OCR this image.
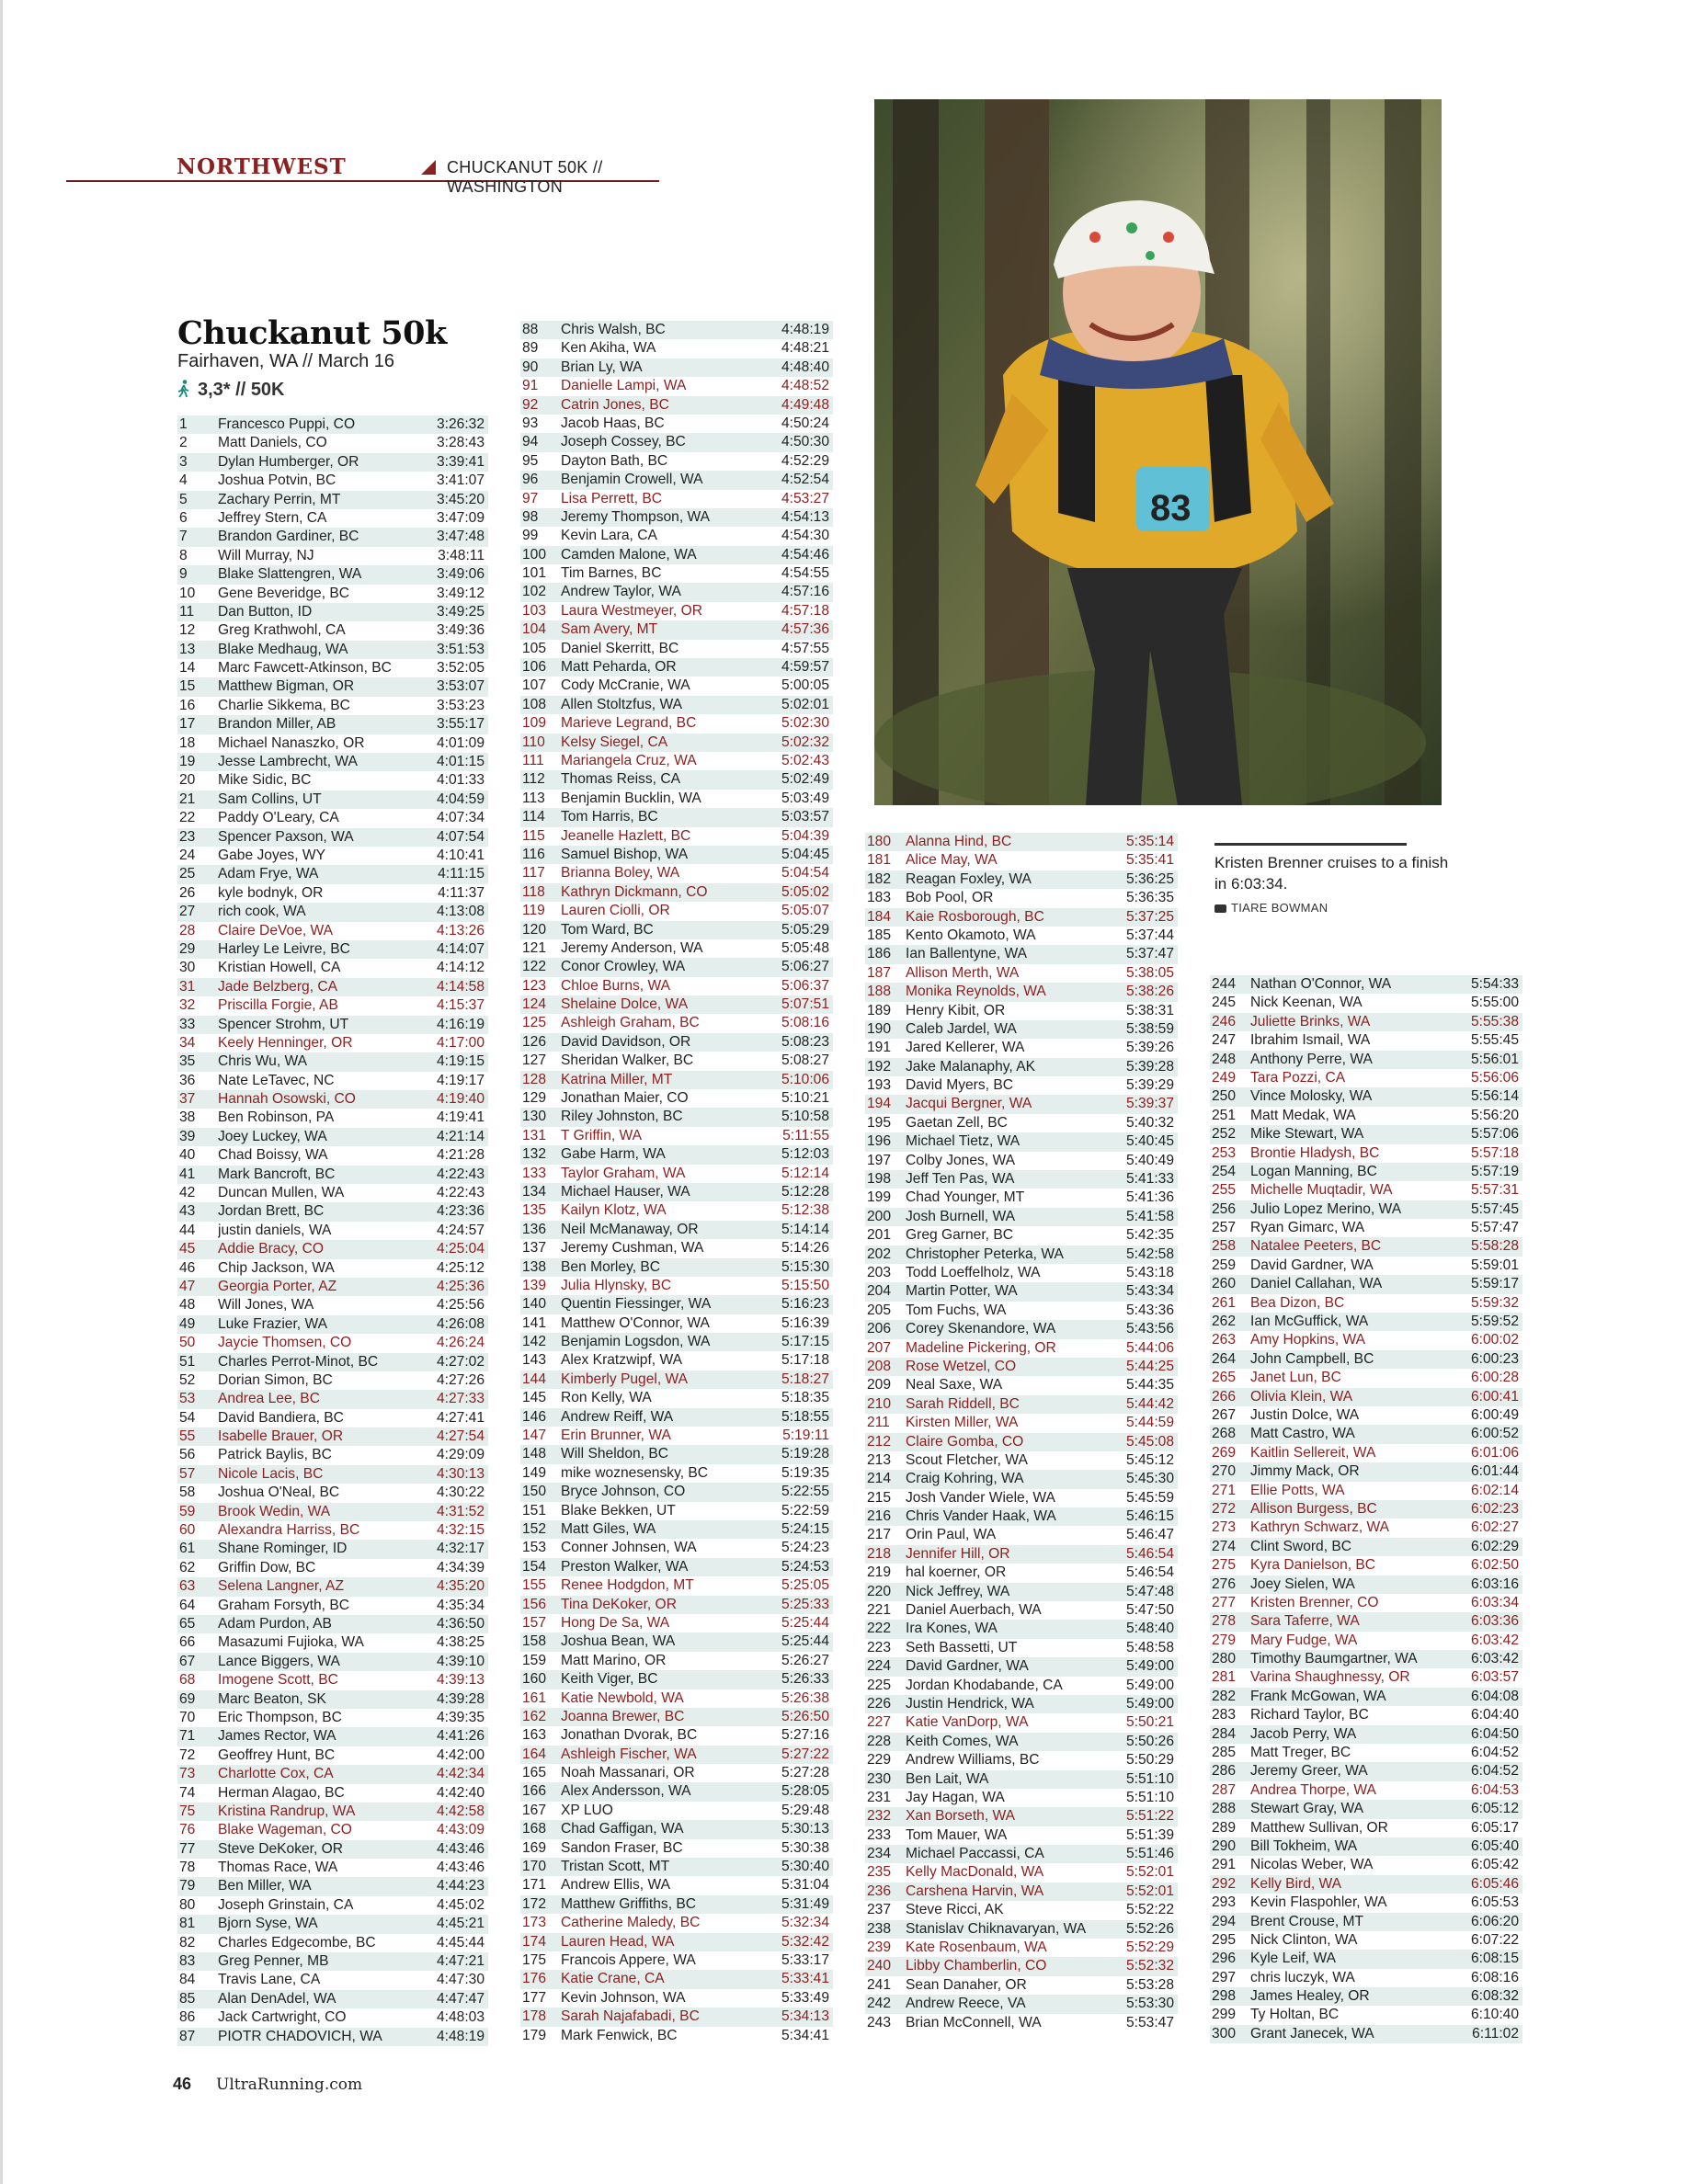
NORTHWEST	CHUCKANUT 50K // WASHINGTON
83
Kristen Brenner cruises to a finish in 6:03:34.
TIARE BOWMAN
Chuckanut 50k
Fairhaven, WA // March 16
3,3* // 50K
1	Francesco Puppi, CO	3:26:32
2	Matt Daniels, CO	3:28:43
3	Dylan Humberger, OR	3:39:41
4	Joshua Potvin, BC	3:41:07
5	Zachary Perrin, MT	3:45:20
6	Jeffrey Stern, CA	3:47:09
7	Brandon Gardiner, BC	3:47:48
8	Will Murray, NJ	3:48:11
9	Blake Slattengren, WA	3:49:06
10	Gene Beveridge, BC	3:49:12
11	Dan Button, ID	3:49:25
12	Greg Krathwohl, CA	3:49:36
13	Blake Medhaug, WA	3:51:53
14	Marc Fawcett-Atkinson, BC	3:52:05
15	Matthew Bigman, OR	3:53:07
16	Charlie Sikkema, BC	3:53:23
17	Brandon Miller, AB	3:55:17
18	Michael Nanaszko, OR	4:01:09
19	Jesse Lambrecht, WA	4:01:15
20	Mike Sidic, BC	4:01:33
21	Sam Collins, UT	4:04:59
22	Paddy O'Leary, CA	4:07:34
23	Spencer Paxson, WA	4:07:54
24	Gabe Joyes, WY	4:10:41
25	Adam Frye, WA	4:11:15
26	kyle bodnyk, OR	4:11:37
27	rich cook, WA	4:13:08
28	Claire DeVoe, WA	4:13:26
29	Harley Le Leivre, BC	4:14:07
30	Kristian Howell, CA	4:14:12
31	Jade Belzberg, CA	4:14:58
32	Priscilla Forgie, AB	4:15:37
33	Spencer Strohm, UT	4:16:19
34	Keely Henninger, OR	4:17:00
35	Chris Wu, WA	4:19:15
36	Nate LeTavec, NC	4:19:17
37	Hannah Osowski, CO	4:19:40
38	Ben Robinson, PA	4:19:41
39	Joey Luckey, WA	4:21:14
40	Chad Boissy, WA	4:21:28
41	Mark Bancroft, BC	4:22:43
42	Duncan Mullen, WA	4:22:43
43	Jordan Brett, BC	4:23:36
44	justin daniels, WA	4:24:57
45	Addie Bracy, CO	4:25:04
46	Chip Jackson, WA	4:25:12
47	Georgia Porter, AZ	4:25:36
48	Will Jones, WA	4:25:56
49	Luke Frazier, WA	4:26:08
50	Jaycie Thomsen, CO	4:26:24
51	Charles Perrot-Minot, BC	4:27:02
52	Dorian Simon, BC	4:27:26
53	Andrea Lee, BC	4:27:33
54	David Bandiera, BC	4:27:41
55	Isabelle Brauer, OR	4:27:54
56	Patrick Baylis, BC	4:29:09
57	Nicole Lacis, BC	4:30:13
58	Joshua O'Neal, BC	4:30:22
59	Brook Wedin, WA	4:31:52
60	Alexandra Harriss, BC	4:32:15
61	Shane Rominger, ID	4:32:17
62	Griffin Dow, BC	4:34:39
63	Selena Langner, AZ	4:35:20
64	Graham Forsyth, BC	4:35:34
65	Adam Purdon, AB	4:36:50
66	Masazumi Fujioka, WA	4:38:25
67	Lance Biggers, WA	4:39:10
68	Imogene Scott, BC	4:39:13
69	Marc Beaton, SK	4:39:28
70	Eric Thompson, BC	4:39:35
71	James Rector, WA	4:41:26
72	Geoffrey Hunt, BC	4:42:00
73	Charlotte Cox, CA	4:42:34
74	Herman Alagao, BC	4:42:40
75	Kristina Randrup, WA	4:42:58
76	Blake Wageman, CO	4:43:09
77	Steve DeKoker, OR	4:43:46
78	Thomas Race, WA	4:43:46
79	Ben Miller, WA	4:44:23
80	Joseph Grinstain, CA	4:45:02
81	Bjorn Syse, WA	4:45:21
82	Charles Edgecombe, BC	4:45:44
83	Greg Penner, MB	4:47:21
84	Travis Lane, CA	4:47:30
85	Alan DenAdel, WA	4:47:47
86	Jack Cartwright, CO	4:48:03
87	PIOTR CHADOVICH, WA	4:48:19
88	Chris Walsh, BC	4:48:19
89	Ken Akiha, WA	4:48:21
90	Brian Ly, WA	4:48:40
91	Danielle Lampi, WA	4:48:52
92	Catrin Jones, BC	4:49:48
93	Jacob Haas, BC	4:50:24
94	Joseph Cossey, BC	4:50:30
95	Dayton Bath, BC	4:52:29
96	Benjamin Crowell, WA	4:52:54
97	Lisa Perrett, BC	4:53:27
98	Jeremy Thompson, WA	4:54:13
99	Kevin Lara, CA	4:54:30
100	Camden Malone, WA	4:54:46
101	Tim Barnes, BC	4:54:55
102	Andrew Taylor, WA	4:57:16
103	Laura Westmeyer, OR	4:57:18
104	Sam Avery, MT	4:57:36
105	Daniel Skerritt, BC	4:57:55
106	Matt Peharda, OR	4:59:57
107	Cody McCranie, WA	5:00:05
108	Allen Stoltzfus, WA	5:02:01
109	Marieve Legrand, BC	5:02:30
110	Kelsy Siegel, CA	5:02:32
111	Mariangela Cruz, WA	5:02:43
112	Thomas Reiss, CA	5:02:49
113	Benjamin Bucklin, WA	5:03:49
114	Tom Harris, BC	5:03:57
115	Jeanelle Hazlett, BC	5:04:39
116	Samuel Bishop, WA	5:04:45
117	Brianna Boley, WA	5:04:54
118	Kathryn Dickmann, CO	5:05:02
119	Lauren Ciolli, OR	5:05:07
120	Tom Ward, BC	5:05:29
121	Jeremy Anderson, WA	5:05:48
122	Conor Crowley, WA	5:06:27
123	Chloe Burns, WA	5:06:37
124	Shelaine Dolce, WA	5:07:51
125	Ashleigh Graham, BC	5:08:16
126	David Davidson, OR	5:08:23
127	Sheridan Walker, BC	5:08:27
128	Katrina Miller, MT	5:10:06
129	Jonathan Maier, CO	5:10:21
130	Riley Johnston, BC	5:10:58
131	T Griffin, WA	5:11:55
132	Gabe Harm, WA	5:12:03
133	Taylor Graham, WA	5:12:14
134	Michael Hauser, WA	5:12:28
135	Kailyn Klotz, WA	5:12:38
136	Neil McManaway, OR	5:14:14
137	Jeremy Cushman, WA	5:14:26
138	Ben Morley, BC	5:15:30
139	Julia Hlynsky, BC	5:15:50
140	Quentin Fiessinger, WA	5:16:23
141	Matthew O'Connor, WA	5:16:39
142	Benjamin Logsdon, WA	5:17:15
143	Alex Kratzwipf, WA	5:17:18
144	Kimberly Pugel, WA	5:18:27
145	Ron Kelly, WA	5:18:35
146	Andrew Reiff, WA	5:18:55
147	Erin Brunner, WA	5:19:11
148	Will Sheldon, BC	5:19:28
149	mike woznesensky, BC	5:19:35
150	Bryce Johnson, CO	5:22:55
151	Blake Bekken, UT	5:22:59
152	Matt Giles, WA	5:24:15
153	Conner Johnsen, WA	5:24:23
154	Preston Walker, WA	5:24:53
155	Renee Hodgdon, MT	5:25:05
156	Tina DeKoker, OR	5:25:33
157	Hong De Sa, WA	5:25:44
158	Joshua Bean, WA	5:25:44
159	Matt Marino, OR	5:26:27
160	Keith Viger, BC	5:26:33
161	Katie Newbold, WA	5:26:38
162	Joanna Brewer, BC	5:26:50
163	Jonathan Dvorak, BC	5:27:16
164	Ashleigh Fischer, WA	5:27:22
165	Noah Massanari, OR	5:27:28
166	Alex Andersson, WA	5:28:05
167	XP LUO	5:29:48
168	Chad Gaffigan, WA	5:30:13
169	Sandon Fraser, BC	5:30:38
170	Tristan Scott, MT	5:30:40
171	Andrew Ellis, WA	5:31:04
172	Matthew Griffiths, BC	5:31:49
173	Catherine Maledy, BC	5:32:34
174	Lauren Head, WA	5:32:42
175	Francois Appere, WA	5:33:17
176	Katie Crane, CA	5:33:41
177	Kevin Johnson, WA	5:33:49
178	Sarah Najafabadi, BC	5:34:13
179	Mark Fenwick, BC	5:34:41
180	Alanna Hind, BC	5:35:14
181	Alice May, WA	5:35:41
182	Reagan Foxley, WA	5:36:25
183	Bob Pool, OR	5:36:35
184	Kaie Rosborough, BC	5:37:25
185	Kento Okamoto, WA	5:37:44
186	Ian Ballentyne, WA	5:37:47
187	Allison Merth, WA	5:38:05
188	Monika Reynolds, WA	5:38:26
189	Henry Kibit, OR	5:38:31
190	Caleb Jardel, WA	5:38:59
191	Jared Kellerer, WA	5:39:26
192	Jake Malanaphy, AK	5:39:28
193	David Myers, BC	5:39:29
194	Jacqui Bergner, WA	5:39:37
195	Gaetan Zell, BC	5:40:32
196	Michael Tietz, WA	5:40:45
197	Colby Jones, WA	5:40:49
198	Jeff Ten Pas, WA	5:41:33
199	Chad Younger, MT	5:41:36
200	Josh Burnell, WA	5:41:58
201	Greg Garner, BC	5:42:35
202	Christopher Peterka, WA	5:42:58
203	Todd Loeffelholz, WA	5:43:18
204	Martin Potter, WA	5:43:34
205	Tom Fuchs, WA	5:43:36
206	Corey Skenandore, WA	5:43:56
207	Madeline Pickering, OR	5:44:06
208	Rose Wetzel, CO	5:44:25
209	Neal Saxe, WA	5:44:35
210	Sarah Riddell, BC	5:44:42
211	Kirsten Miller, WA	5:44:59
212	Claire Gomba, CO	5:45:08
213	Scout Fletcher, WA	5:45:12
214	Craig Kohring, WA	5:45:30
215	Josh Vander Wiele, WA	5:45:59
216	Chris Vander Haak, WA	5:46:15
217	Orin Paul, WA	5:46:47
218	Jennifer Hill, OR	5:46:54
219	hal koerner, OR	5:46:54
220	Nick Jeffrey, WA	5:47:48
221	Daniel Auerbach, WA	5:47:50
222	Ira Kones, WA	5:48:40
223	Seth Bassetti, UT	5:48:58
224	David Gardner, WA	5:49:00
225	Jordan Khodabande, CA	5:49:00
226	Justin Hendrick, WA	5:49:00
227	Katie VanDorp, WA	5:50:21
228	Keith Comes, WA	5:50:26
229	Andrew Williams, BC	5:50:29
230	Ben Lait, WA	5:51:10
231	Jay Hagan, WA	5:51:10
232	Xan Borseth, WA	5:51:22
233	Tom Mauer, WA	5:51:39
234	Michael Paccassi, CA	5:51:46
235	Kelly MacDonald, WA	5:52:01
236	Carshena Harvin, WA	5:52:01
237	Steve Ricci, AK	5:52:22
238	Stanislav Chiknavaryan, WA	5:52:26
239	Kate Rosenbaum, WA	5:52:29
240	Libby Chamberlin, CO	5:52:32
241	Sean Danaher, OR	5:53:28
242	Andrew Reece, VA	5:53:30
243	Brian McConnell, WA	5:53:47
244	Nathan O'Connor, WA	5:54:33
245	Nick Keenan, WA	5:55:00
246	Juliette Brinks, WA	5:55:38
247	Ibrahim Ismail, WA	5:55:45
248	Anthony Perre, WA	5:56:01
249	Tara Pozzi, CA	5:56:06
250	Vince Molosky, WA	5:56:14
251	Matt Medak, WA	5:56:20
252	Mike Stewart, WA	5:57:06
253	Brontie Hladysh, BC	5:57:18
254	Logan Manning, BC	5:57:19
255	Michelle Muqtadir, WA	5:57:31
256	Julio Lopez Merino, WA	5:57:45
257	Ryan Gimarc, WA	5:57:47
258	Natalee Peeters, BC	5:58:28
259	David Gardner, WA	5:59:01
260	Daniel Callahan, WA	5:59:17
261	Bea Dizon, BC	5:59:32
262	Ian McGuffick, WA	5:59:52
263	Amy Hopkins, WA	6:00:02
264	John Campbell, BC	6:00:23
265	Janet Lun, BC	6:00:28
266	Olivia Klein, WA	6:00:41
267	Justin Dolce, WA	6:00:49
268	Matt Castro, WA	6:00:52
269	Kaitlin Sellereit, WA	6:01:06
270	Jimmy Mack, OR	6:01:44
271	Ellie Potts, WA	6:02:14
272	Allison Burgess, BC	6:02:23
273	Kathryn Schwarz, WA	6:02:27
274	Clint Sword, BC	6:02:29
275	Kyra Danielson, BC	6:02:50
276	Joey Sielen, WA	6:03:16
277	Kristen Brenner, CO	6:03:34
278	Sara Taferre, WA	6:03:36
279	Mary Fudge, WA	6:03:42
280	Timothy Baumgartner, WA	6:03:42
281	Varina Shaughnessy, OR	6:03:57
282	Frank McGowan, WA	6:04:08
283	Richard Taylor, BC	6:04:40
284	Jacob Perry, WA	6:04:50
285	Matt Treger, BC	6:04:52
286	Jeremy Greer, WA	6:04:52
287	Andrea Thorpe, WA	6:04:53
288	Stewart Gray, WA	6:05:12
289	Matthew Sullivan, OR	6:05:17
290	Bill Tokheim, WA	6:05:40
291	Nicolas Weber, WA	6:05:42
292	Kelly Bird, WA	6:05:46
293	Kevin Flaspohler, WA	6:05:53
294	Brent Crouse, MT	6:06:20
295	Nick Clinton, WA	6:07:22
296	Kyle Leif, WA	6:08:15
297	chris luczyk, WA	6:08:16
298	James Healey, OR	6:08:32
299	Ty Holtan, BC	6:10:40
300	Grant Janecek, WA	6:11:02
46 UltraRunning.com
